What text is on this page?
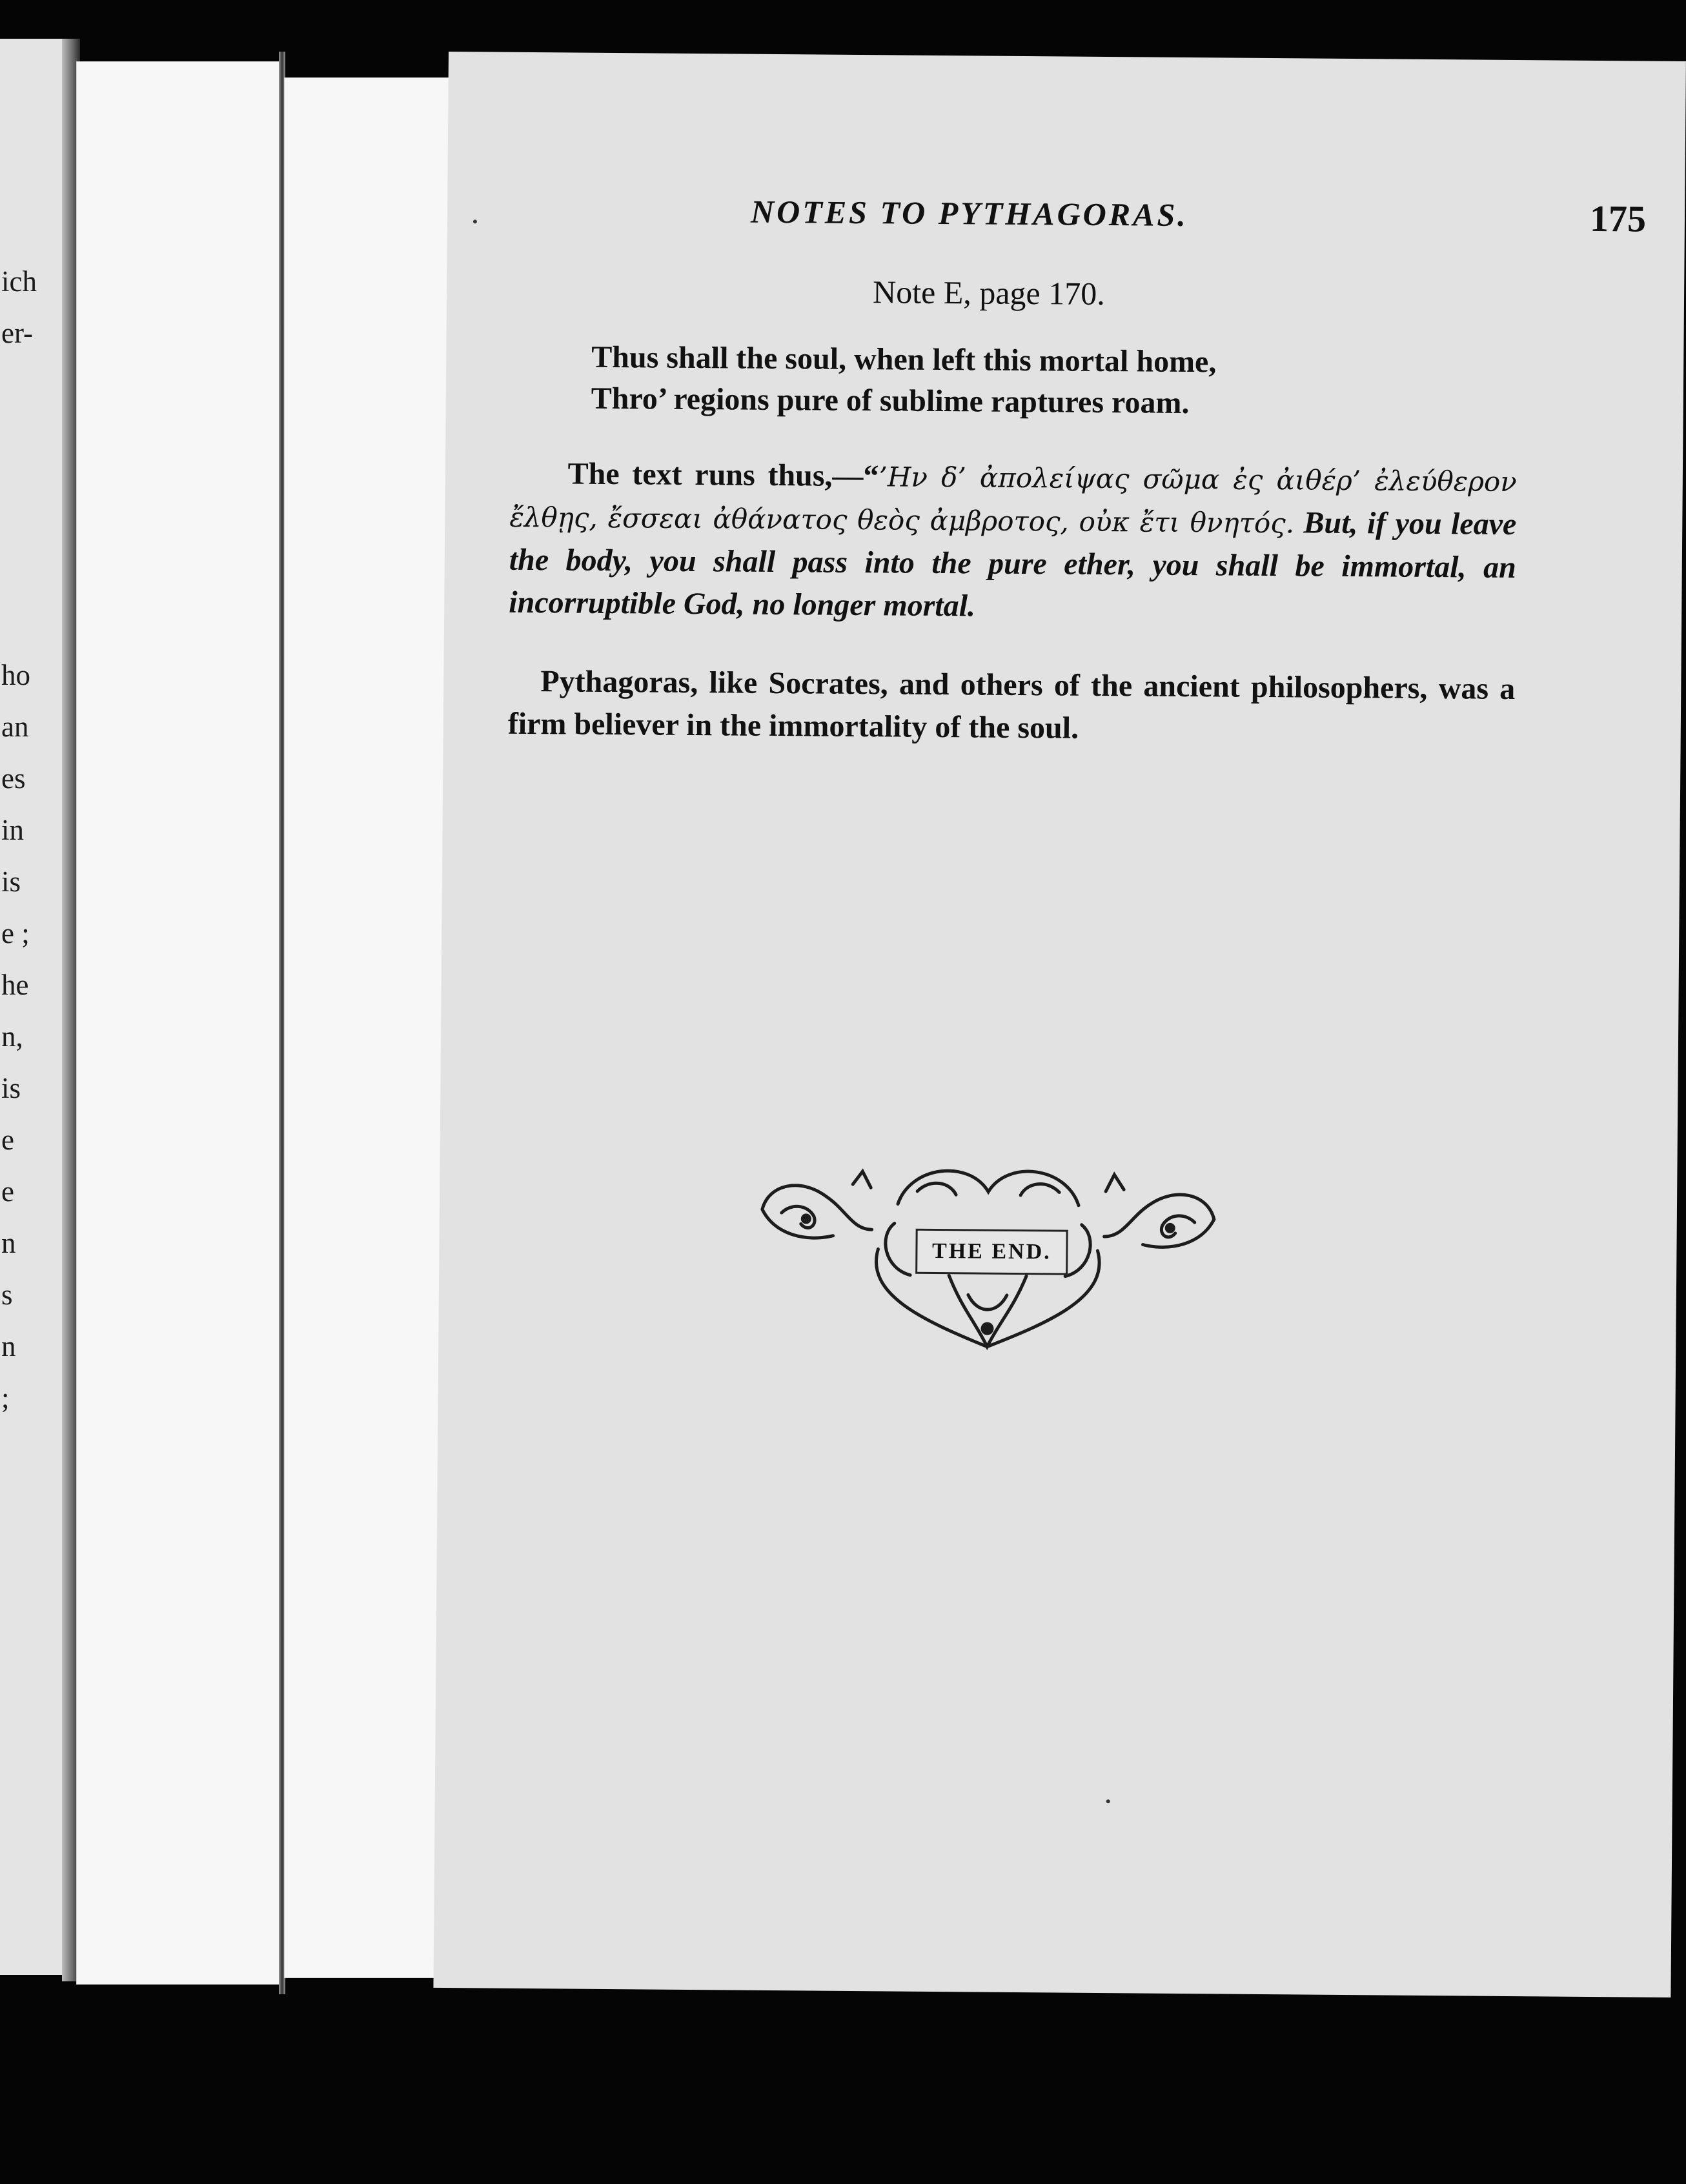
ich
er-
ho
an
es
in
is
e ;
he
n,
is
e
e
n
s
n
;
NOTES TO PYTHAGORAS.	175
Note E, page 170.
Thus shall the soul, when left this mortal home,
Thro’ regions pure of sublime raptures roam.
The text runs thus,—“’Ην δ’ ἀπολείψας σῶμα ἐς ἀιθέρ’ ἐλεύθερον ἔλθῃς, ἔσσεαι ἀθάνατος θεὸς ἀμβροτος, οὐκ ἔτι θνητός. But, if you leave the body, you shall pass into the pure ether, you shall be immortal, an incorruptible God, no longer mortal.
Pythagoras, like Socrates, and others of the ancient philosophers, was a firm believer in the immortality of the soul.
THE END.
